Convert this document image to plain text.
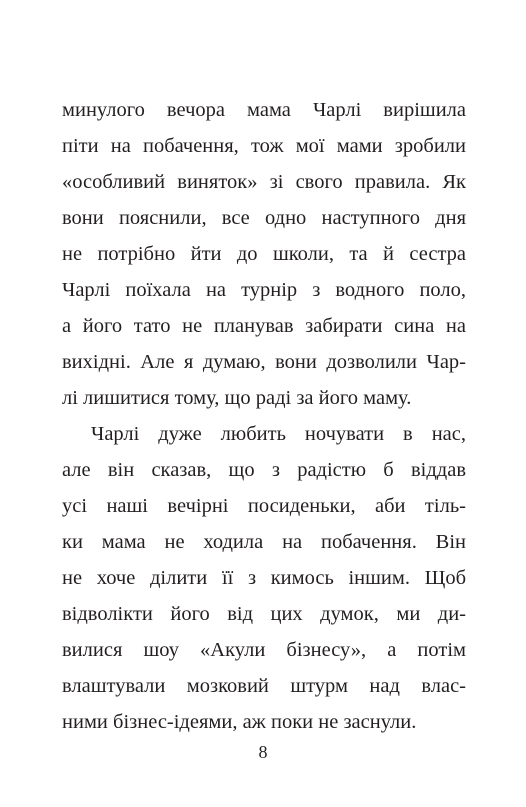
минулого вечора мама Чарлі вирішила
піти на побачення, тож мої мами зробили
«особливий виняток» зі свого правила. Як
вони пояснили, все одно наступного дня
не потрібно йти до школи, та й сестра
Чарлі поїхала на турнір з водного поло,
а його тато не планував забирати сина на
вихідні. Але я думаю, вони дозволили Чар-
лі лишитися тому, що раді за його маму.
Чарлі дуже любить ночувати в нас,
але він сказав, що з радістю б віддав
усі наші вечірні посиденьки, аби тіль-
ки мама не ходила на побачення. Він
не хоче ділити її з кимось іншим. Щоб
відволікти його від цих думок, ми ди-
вилися шоу «Акули бізнесу», а потім
влаштували мозковий штурм над влас-
ними бізнес-ідеями, аж поки не заснули.
8
